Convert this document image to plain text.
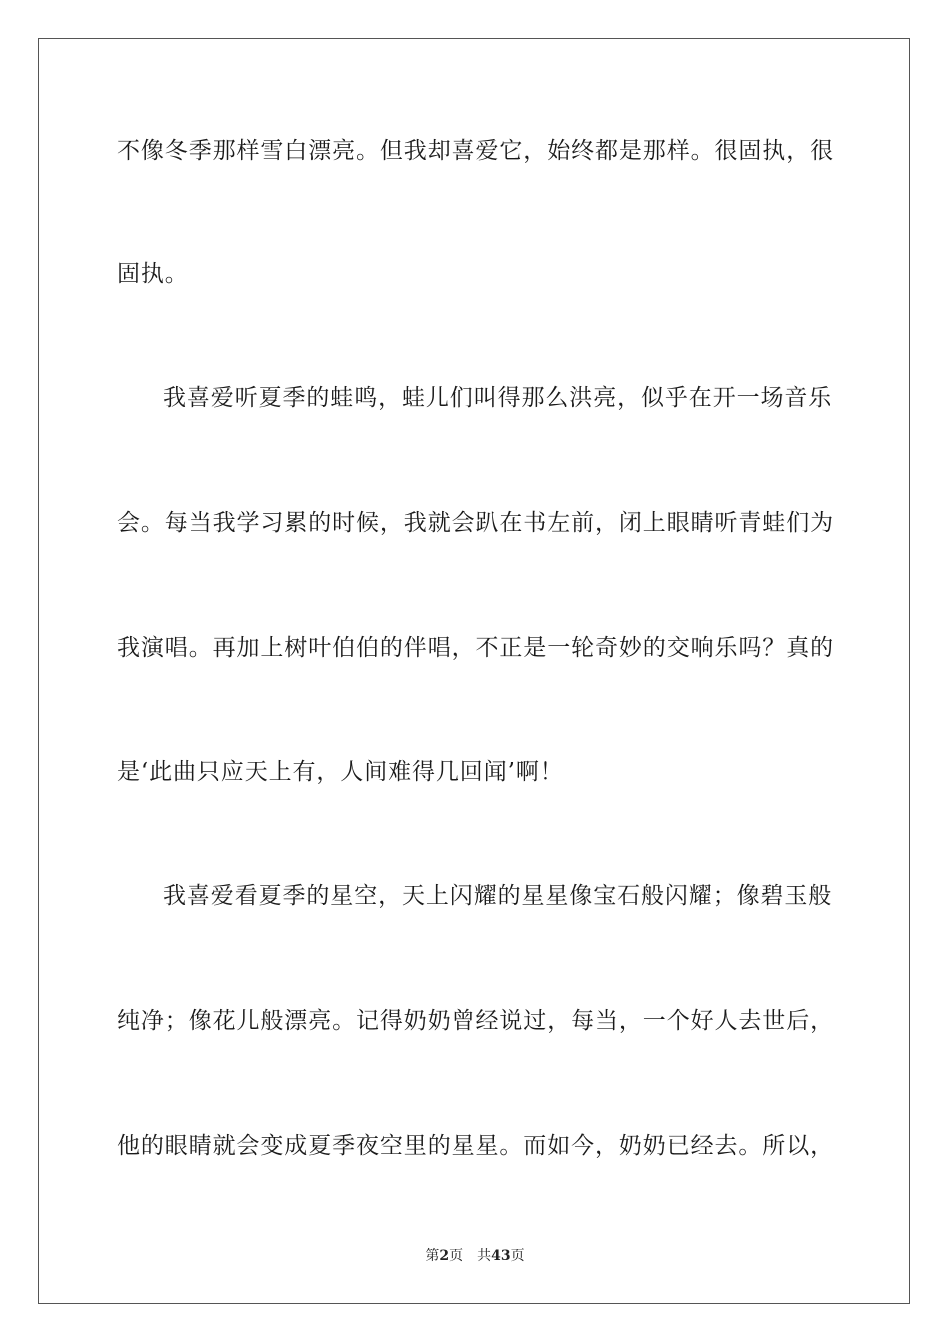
不像冬季那样雪白漂亮。但我却喜爱它，始终都是那样。很固执，很
固执。
我喜爱听夏季的蛙鸣，蛙儿们叫得那么洪亮，似乎在开一场音乐
会。每当我学习累的时候，我就会趴在书左前，闭上眼睛听青蛙们为
我演唱。再加上树叶伯伯的伴唱，不正是一轮奇妙的交响乐吗？真的
是‘此曲只应天上有，人间难得几回闻’啊！
我喜爱看夏季的星空，天上闪耀的星星像宝石般闪耀；像碧玉般
纯净；像花儿般漂亮。记得奶奶曾经说过，每当，一个好人去世后，
他的眼睛就会变成夏季夜空里的星星。而如今，奶奶已经去。所以，
第2页 共43页
